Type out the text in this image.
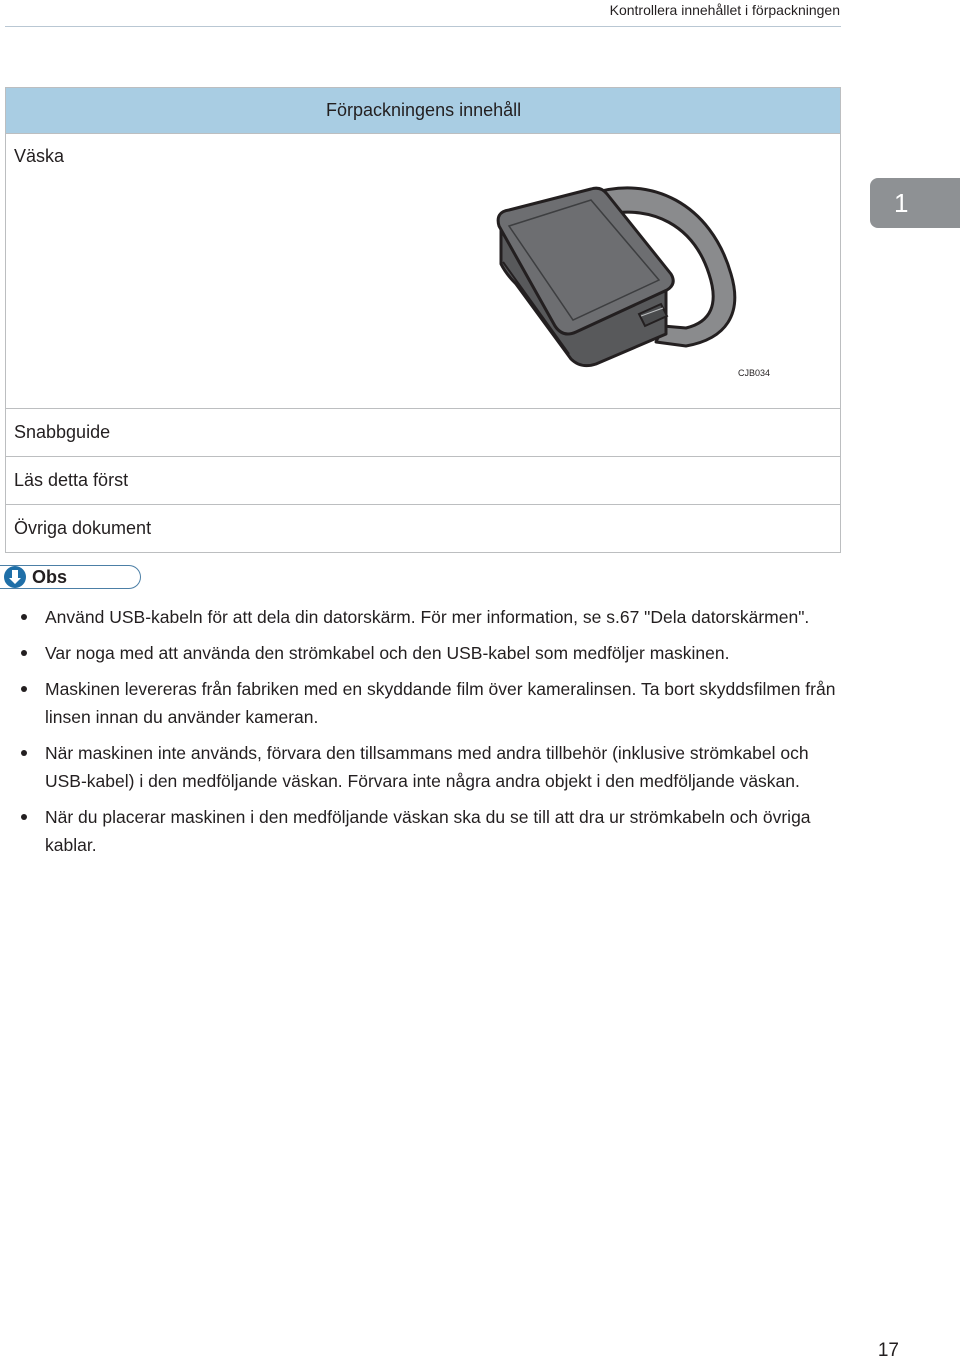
Kontrollera innehållet i förpackningen
1
Förpackningens innehåll
Väska
CJB034

Snabbguide
Läs detta först
Övriga dokument
Obs
Använd USB-kabeln för att dela din datorskärm. För mer information, se s.67 "Dela datorskärmen".
Var noga med att använda den strömkabel och den USB-kabel som medföljer maskinen.
Maskinen levereras från fabriken med en skyddande film över kameralinsen. Ta bort skyddsfilmen från linsen innan du använder kameran.
När maskinen inte används, förvara den tillsammans med andra tillbehör (inklusive strömkabel och USB-kabel) i den medföljande väskan. Förvara inte några andra objekt i den medföljande väskan.
När du placerar maskinen i den medföljande väskan ska du se till att dra ur strömkabeln och övriga kablar.
17
